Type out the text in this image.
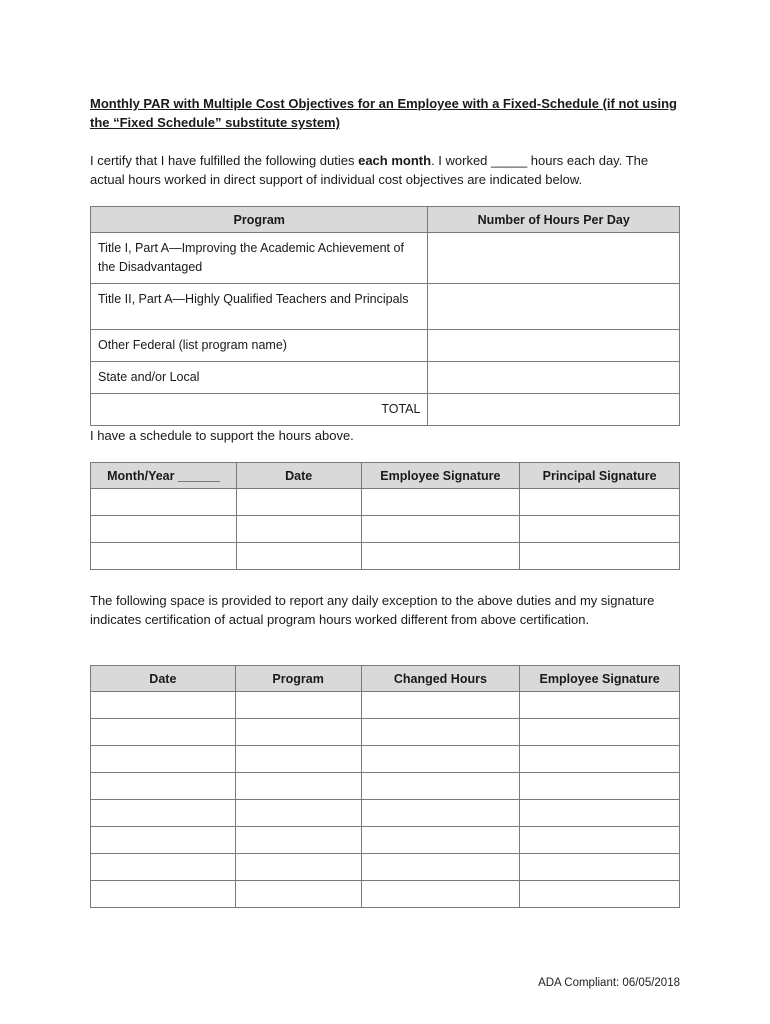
Monthly PAR with Multiple Cost Objectives for an Employee with a Fixed-Schedule (if not using the “Fixed Schedule” substitute system)
I certify that I have fulfilled the following duties each month. I worked _____ hours each day. The actual hours worked in direct support of individual cost objectives are indicated below.
Program	Number of Hours Per Day
Title I, Part A—Improving the Academic Achievement of the Disadvantaged	
Title II, Part A—Highly Qualified Teachers and Principals	
Other Federal (list program name)	
State and/or Local	
TOTAL	
I have a schedule to support the hours above.
Month/Year ______	Date	Employee Signature	Principal Signature

The following space is provided to report any daily exception to the above duties and my signature indicates certification of actual program hours worked different from above certification.
Date	Program	Changed Hours	Employee Signature

ADA Compliant: 06/05/2018
